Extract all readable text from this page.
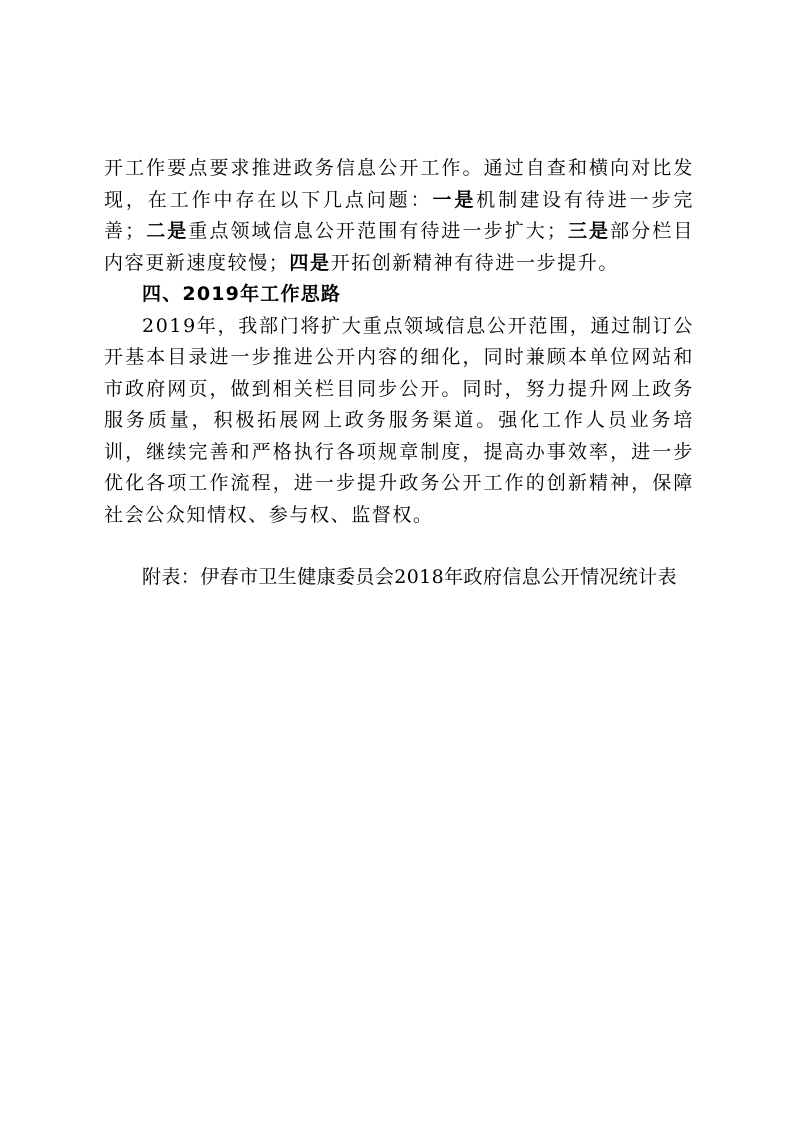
开工作要点要求推进政务信息公开工作。通过自查和横向对比发现，在工作中存在以下几点问题：一是机制建设有待进一步完善；二是重点领域信息公开范围有待进一步扩大；三是部分栏目内容更新速度较慢；四是开拓创新精神有待进一步提升。

四、2019年工作思路

2019年，我部门将扩大重点领域信息公开范围，通过制订公开基本目录进一步推进公开内容的细化，同时兼顾本单位网站和市政府网页，做到相关栏目同步公开。同时，努力提升网上政务服务质量，积极拓展网上政务服务渠道。强化工作人员业务培训，继续完善和严格执行各项规章制度，提高办事效率，进一步优化各项工作流程，进一步提升政务公开工作的创新精神，保障社会公众知情权、参与权、监督权。

附表：伊春市卫生健康委员会2018年政府信息公开情况统计表
